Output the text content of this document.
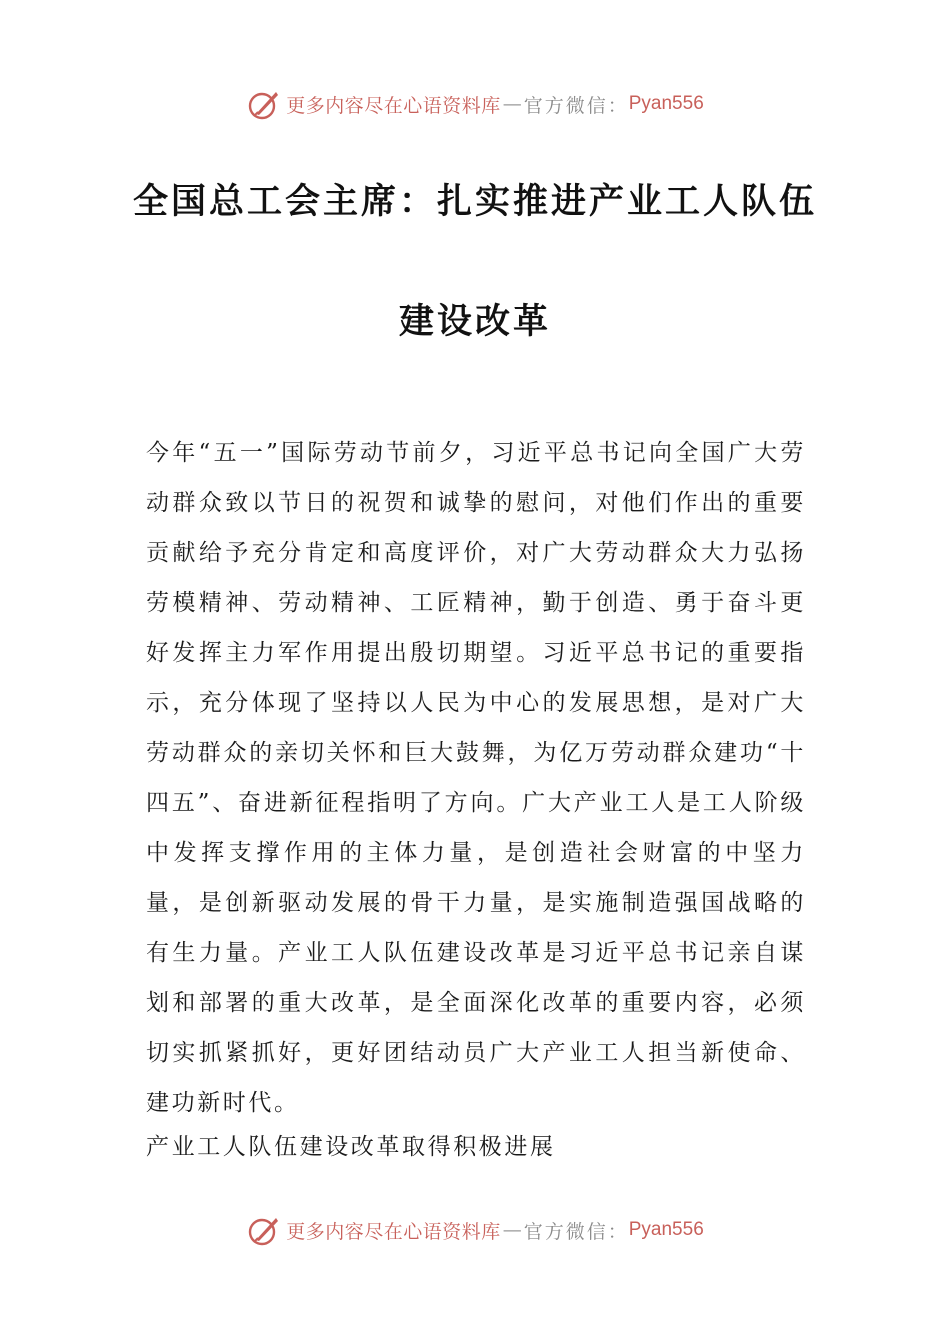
更多内容尽在心语资料库 — 官方微信： Pyan556
全国总工会主席：扎实推进产业工人队伍
建设改革

今年“五一”国际劳动节前夕，习近平总书记向全国广大劳动群众致以节日的祝贺和诚挚的慰问，对他们作出的重要贡献给予充分肯定和高度评价，对广大劳动群众大力弘扬劳模精神、劳动精神、工匠精神，勤于创造、勇于奋斗更好发挥主力军作用提出殷切期望。习近平总书记的重要指示，充分体现了坚持以人民为中心的发展思想，是对广大劳动群众的亲切关怀和巨大鼓舞，为亿万劳动群众建功“十四五”、奋进新征程指明了方向。广大产业工人是工人阶级中发挥支撑作用的主体力量，是创造社会财富的中坚力量，是创新驱动发展的骨干力量，是实施制造强国战略的有生力量。产业工人队伍建设改革是习近平总书记亲自谋划和部署的重大改革，是全面深化改革的重要内容，必须切实抓紧抓好，更好团结动员广大产业工人担当新使命、建功新时代。

产业工人队伍建设改革取得积极进展
更多内容尽在心语资料库 — 官方微信： Pyan556
